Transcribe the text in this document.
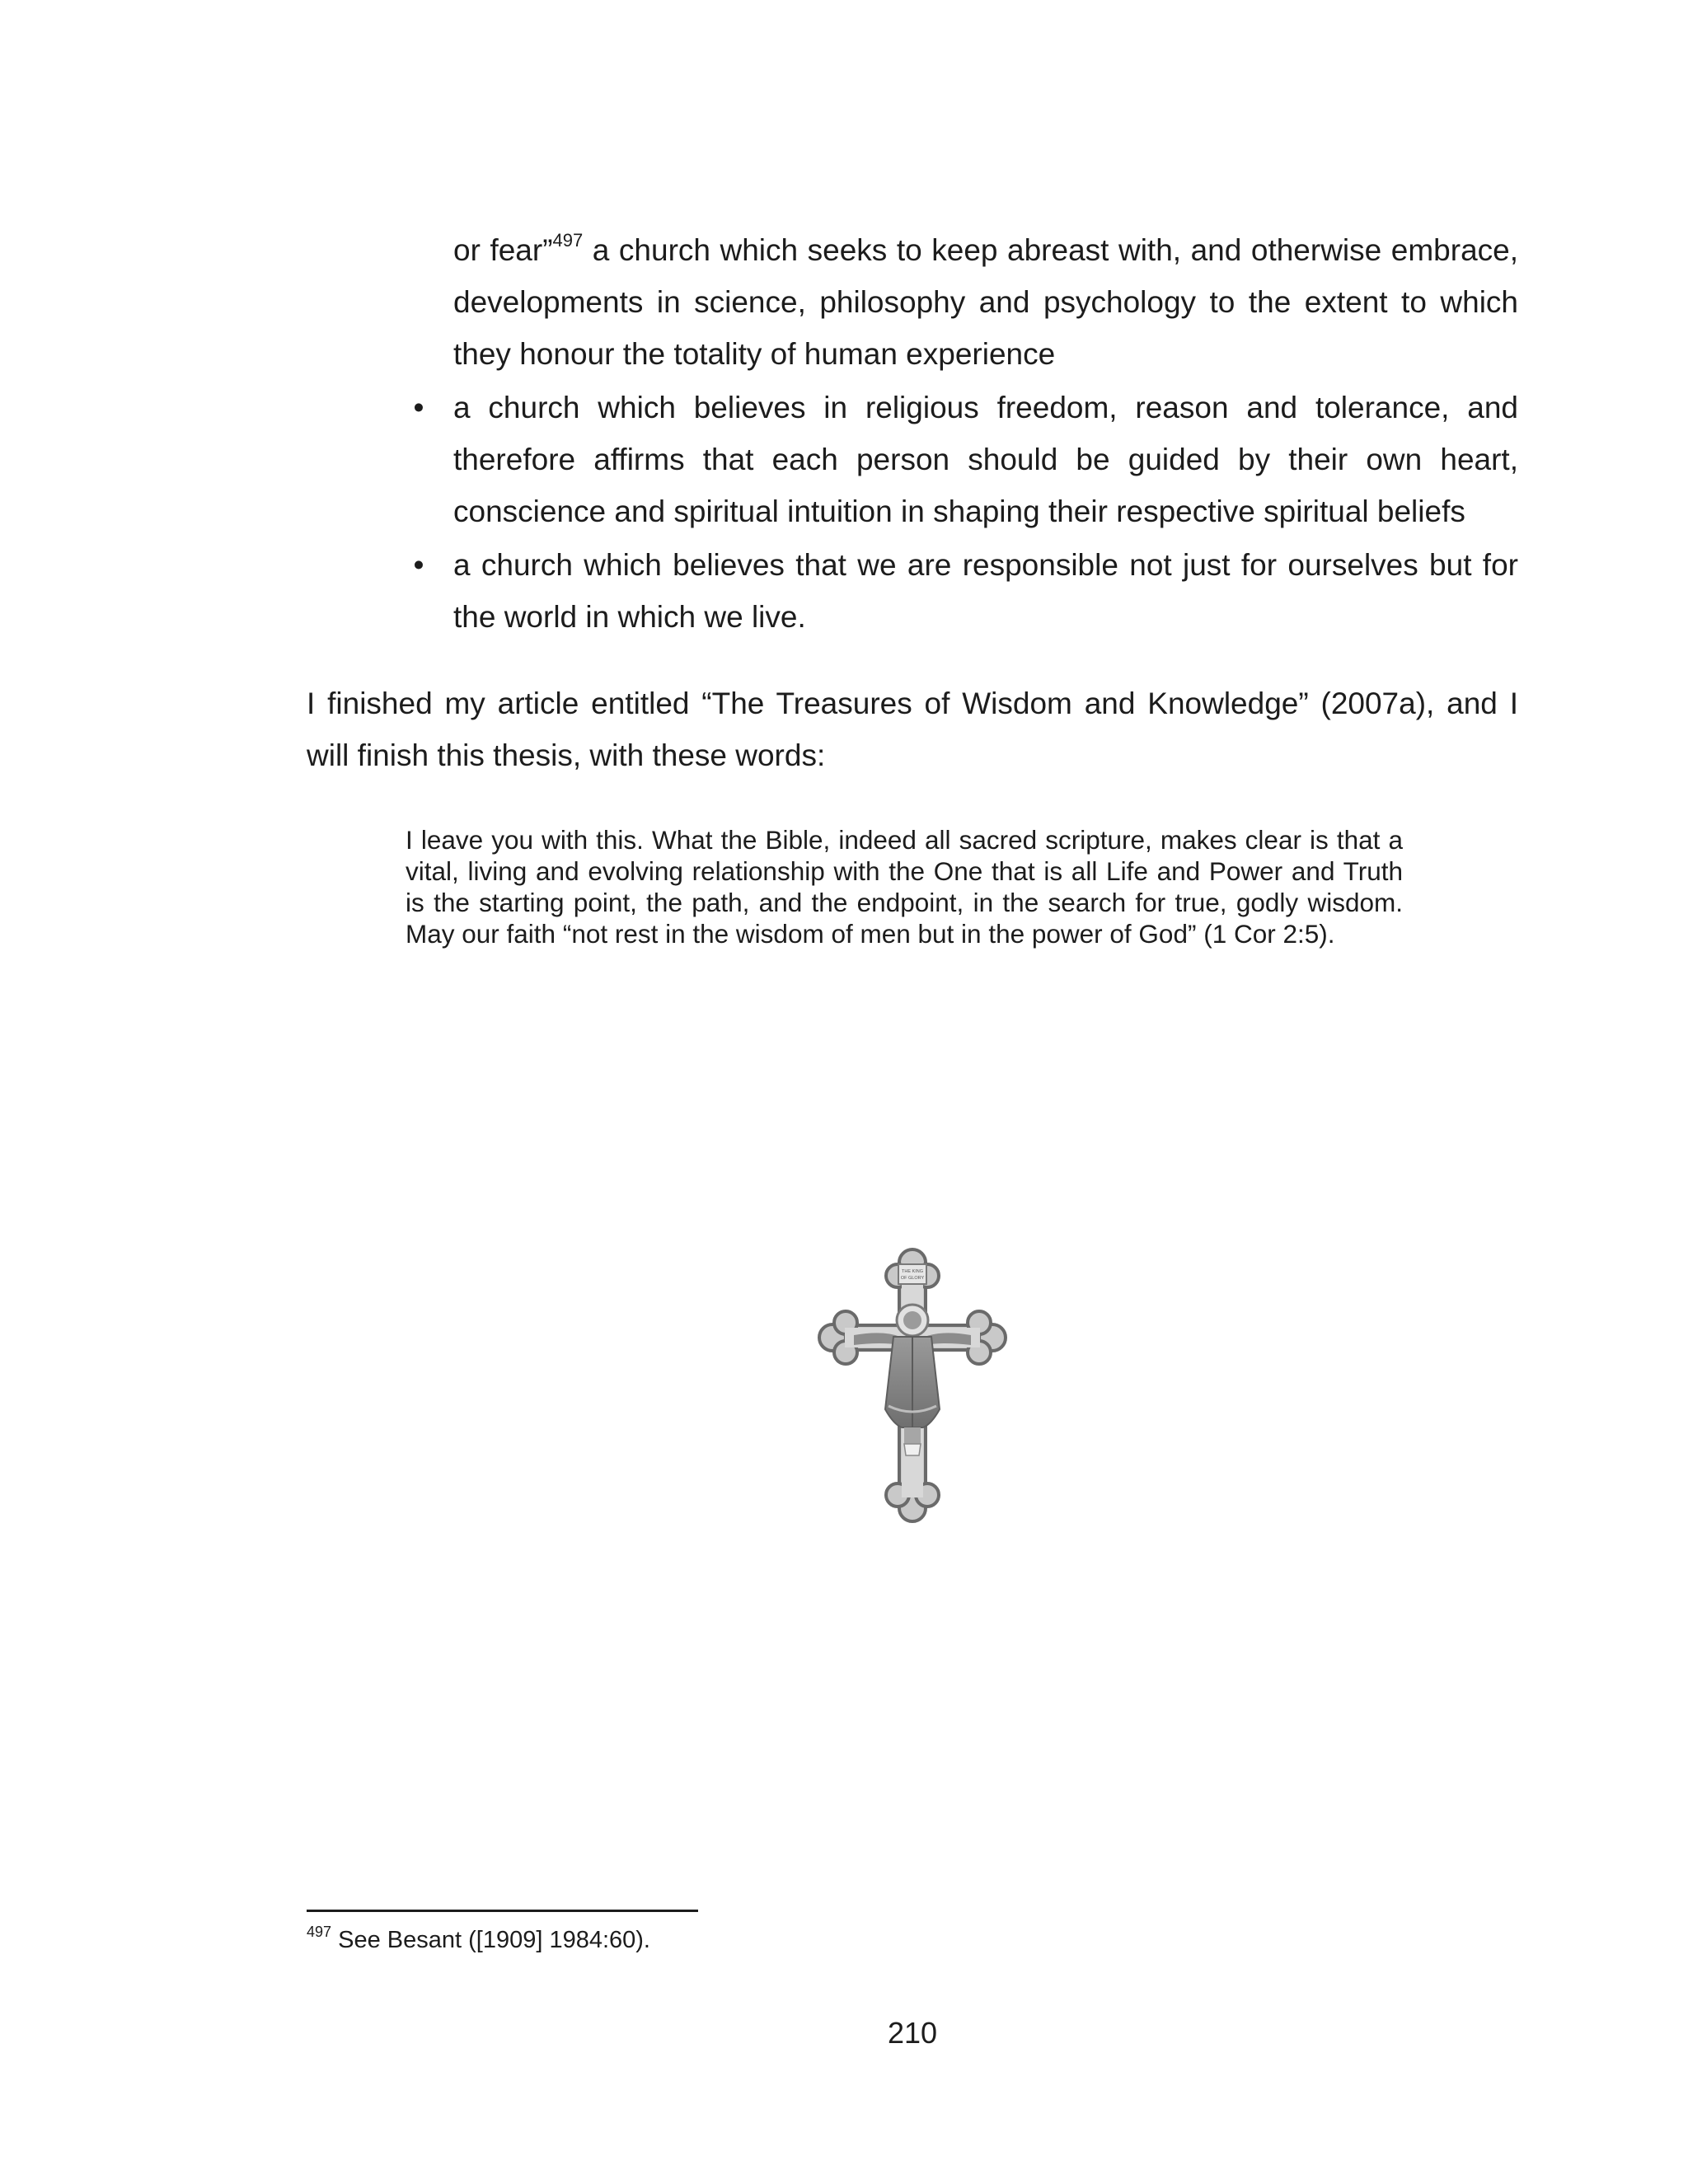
or fear”$^{497}$ a church which seeks to keep abreast with, and otherwise embrace, developments in science, philosophy and psychology to the extent to which they honour the totality of human experience

• a church which believes in religious freedom, reason and tolerance, and therefore affirms that each person should be guided by their own heart, conscience and spiritual intuition in shaping their respective spiritual beliefs

• a church which believes that we are responsible not just for ourselves but for the world in which we live.

I finished my article entitled “The Treasures of Wisdom and Knowledge” (2007a), and I will finish this thesis, with these words:

I leave you with this. What the Bible, indeed all sacred scripture, makes clear is that a vital, living and evolving relationship with the One that is all Life and Power and Truth is the starting point, the path, and the endpoint, in the search for true, godly wisdom. May our faith “not rest in the wisdom of men but in the power of God” (1 Cor 2:5).

THE KING
OF GLORY

$^{497}$ See Besant ([1909] 1984:60).

210
